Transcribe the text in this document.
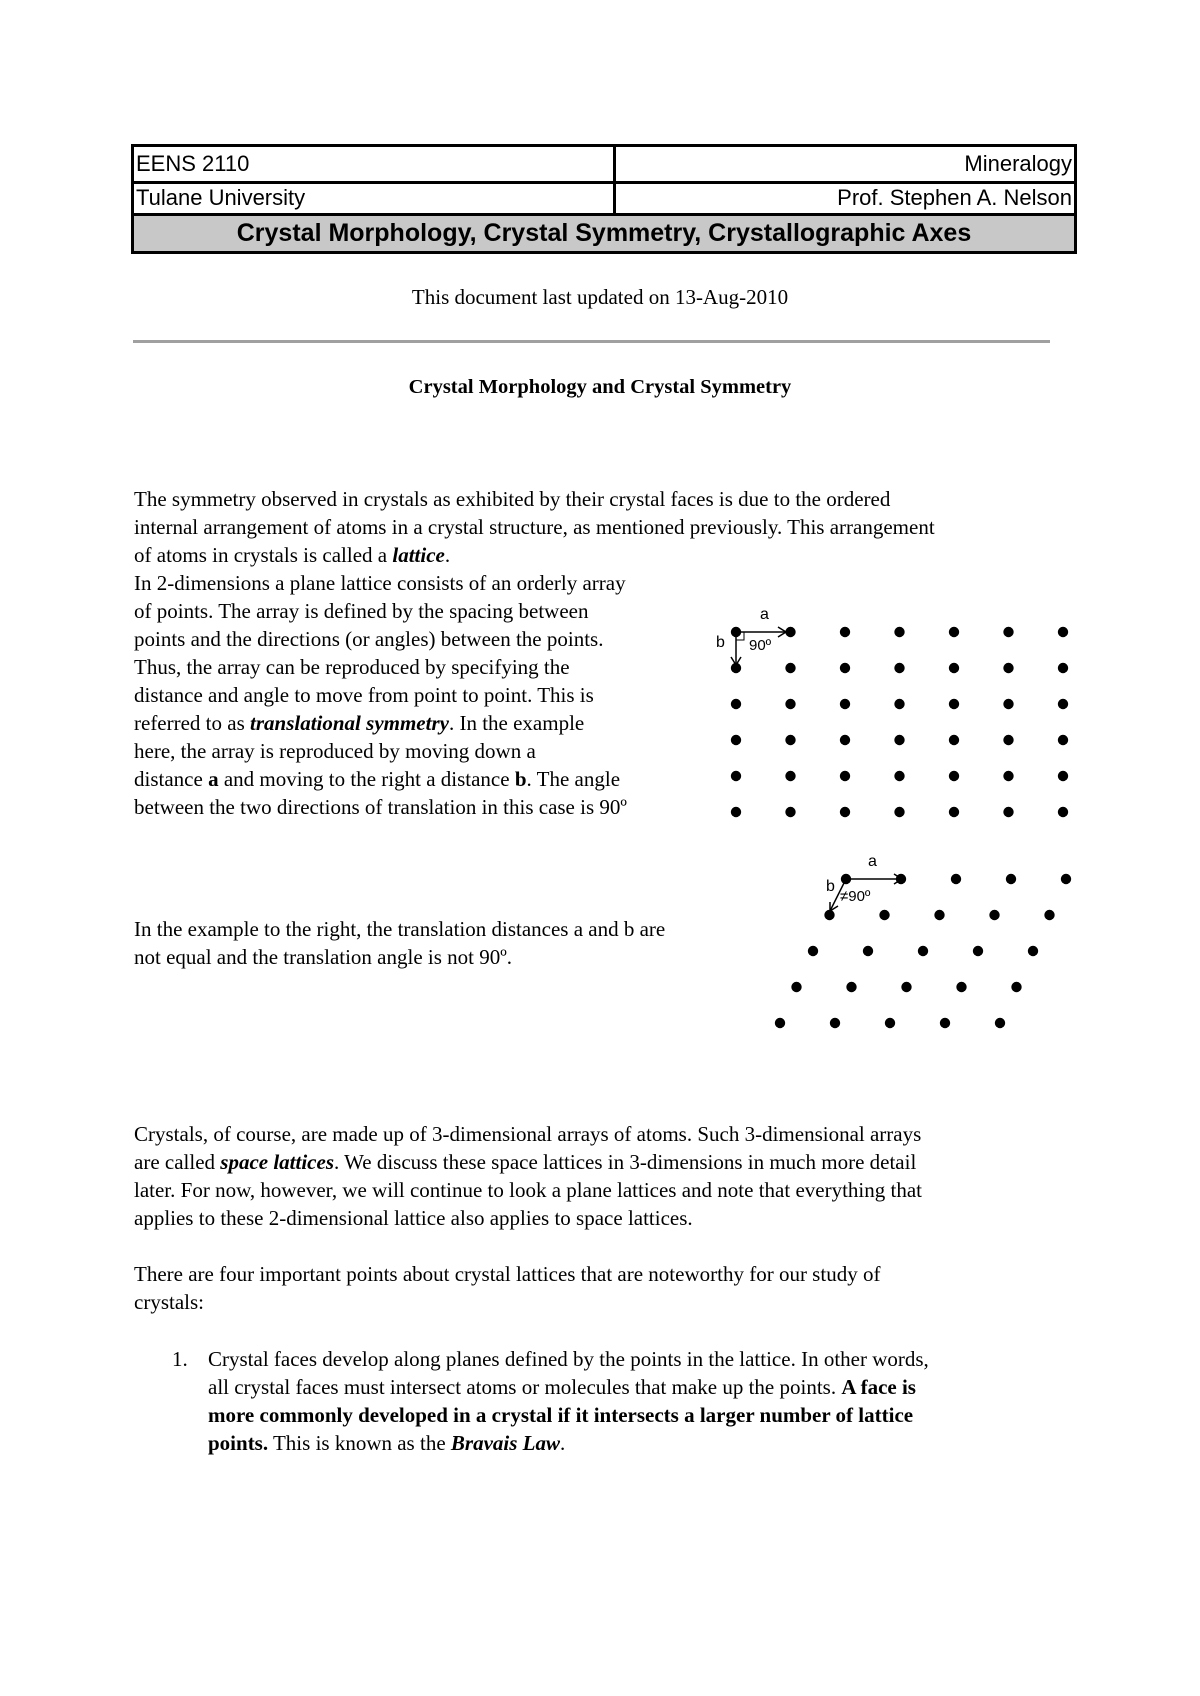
EENS 2110	Mineralogy
Tulane University	Prof. Stephen A. Nelson
Crystal Morphology, Crystal Symmetry, Crystallographic Axes
This document last updated on 13-Aug-2010
Crystal Morphology and Crystal Symmetry
The symmetry observed in crystals as exhibited by their crystal faces is due to the ordered
internal arrangement of atoms in a crystal structure, as mentioned previously. This arrangement
of atoms in crystals is called a lattice.
In 2-dimensions a plane lattice consists of an orderly array
of points. The array is defined by the spacing between
points and the directions (or angles) between the points.
Thus, the array can be reproduced by specifying the
distance and angle to move from point to point. This is
referred to as translational symmetry. In the example
here, the array is reproduced by moving down a
distance a and moving to the right a distance b. The angle
between the two directions of translation in this case is 90º
a
b 90º
In the example to the right, the translation distances a and b are
not equal and the translation angle is not 90º.
a
b
≠90º
Crystals, of course, are made up of 3-dimensional arrays of atoms. Such 3-dimensional arrays
are called space lattices. We discuss these space lattices in 3-dimensions in much more detail
later. For now, however, we will continue to look a plane lattices and note that everything that
applies to these 2-dimensional lattice also applies to space lattices.
There are four important points about crystal lattices that are noteworthy for our study of
crystals:
1. Crystal faces develop along planes defined by the points in the lattice. In other words,
all crystal faces must intersect atoms or molecules that make up the points. A face is
more commonly developed in a crystal if it intersects a larger number of lattice
points. This is known as the Bravais Law.
